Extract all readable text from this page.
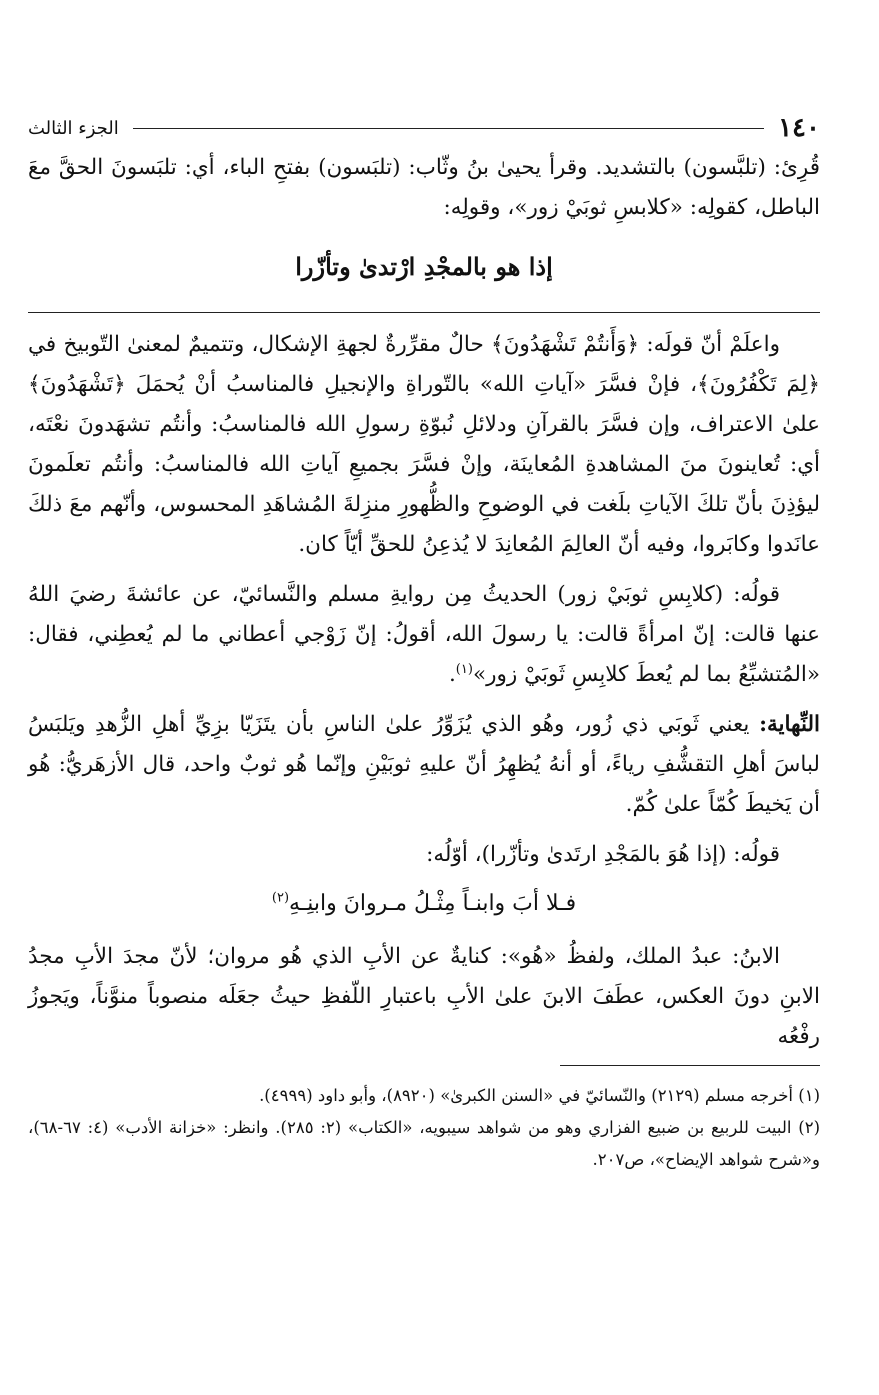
١٤٠
الجزء الثالث

قُرِئ: (تلبَّسون) بالتشديد. وقرأ يحيىٰ بنُ وثّاب: (تلبَسون) بفتحِ الباء، أي: تلبَسونَ الحقَّ معَ الباطل، كقولِه: «كلابسِ ثوبَيْ زور»، وقولِه:

إذا هو بالمجْدِ ارْتدىٰ وتأزّرا

واعلَمْ أنّ قولَه: ﴿وَأَنتُمْ تَشْهَدُونَ﴾ حالٌ مقرِّرةٌ لجهةِ الإشكال، وتتميمٌ لمعنىٰ التّوبيخ في ﴿لِمَ تَكْفُرُونَ﴾، فإنْ فسَّرَ «آياتِ الله» بالتّوراةِ والإنجيلِ فالمناسبُ أنْ يُحمَلَ ﴿تَشْهَدُونَ﴾ علىٰ الاعتراف، وإن فسَّرَ بالقرآنِ ودلائلِ نُبوّةِ رسولِ الله فالمناسبُ: وأنتُم تشهَدونَ نعْتَه، أي: تُعاينونَ منَ المشاهدةِ المُعاينَة، وإنْ فسَّرَ بجميعِ آياتِ الله فالمناسبُ: وأنتُم تعلَمونَ ليؤذِنَ بأنّ تلكَ الآياتِ بلَغت في الوضوحِ والظُّهورِ منزِلةَ المُشاهَدِ المحسوس، وأنّهم معَ ذلكَ عانَدوا وكابَروا، وفيه أنّ العالِمَ المُعانِدَ لا يُذعِنُ للحقِّ أيّاً كان.

قولُه: (كلابِسِ ثوبَيْ زور) الحديثُ مِن روايةِ مسلم والنَّسائيّ، عن عائشةَ رضيَ اللهُ عنها قالت: إنّ امرأةً قالت: يا رسولَ الله، أقولُ: إنّ زَوْجي أعطاني ما لم يُعطِني، فقال: «المُتشبِّعُ بما لم يُعطَ كلابِسِ ثَوبَيْ زور»$^{(١)}$.

النِّهاية: يعني ثَوبَي ذي زُور، وهُو الذي يُزَوِّرُ علىٰ الناسِ بأن يتَزَيّا بزِيِّ أهلِ الزُّهدِ ويَلبَسُ لباسَ أهلِ التقشُّفِ رياءً، أو أنهُ يُظهِرُ أنّ عليهِ ثوبَيْنِ وإنّما هُو ثوبٌ واحد، قال الأزهَريُّ: هُو أن يَخيطَ كُمّاً علىٰ كُمّ.

قولُه: (إذا هُوَ بالمَجْدِ ارتَدىٰ وتأزّرا)، أوّلُه:

فـلا أبَ وابنـاً مِثْـلُ مـروانَ وابنِـهِ$^{(٢)}$

الابنُ: عبدُ الملك، ولفظُ «هُو»: كنايةٌ عن الأبِ الذي هُو مروان؛ لأنّ مجدَ الأبِ مجدُ الابنِ دونَ العكس، عطَفَ الابنَ علىٰ الأبِ باعتبارِ اللّفظِ حيثُ جعَلَه منصوباً منوَّناً، ويَجوزُ رفْعُه

(١) أخرجه مسلم (٢١٢٩) والنّسائيّ في «السنن الكبرىٰ» (٨٩٢٠)، وأبو داود (٤٩٩٩).

(٢) البيت للربيع بن ضبيع الفزاري وهو من شواهد سيبويه، «الكتاب» (٢: ٢٨٥). وانظر: «خزانة الأدب» (٤: ٦٧-٦٨)، و«شرح شواهد الإيضاح»، ص٢٠٧.
